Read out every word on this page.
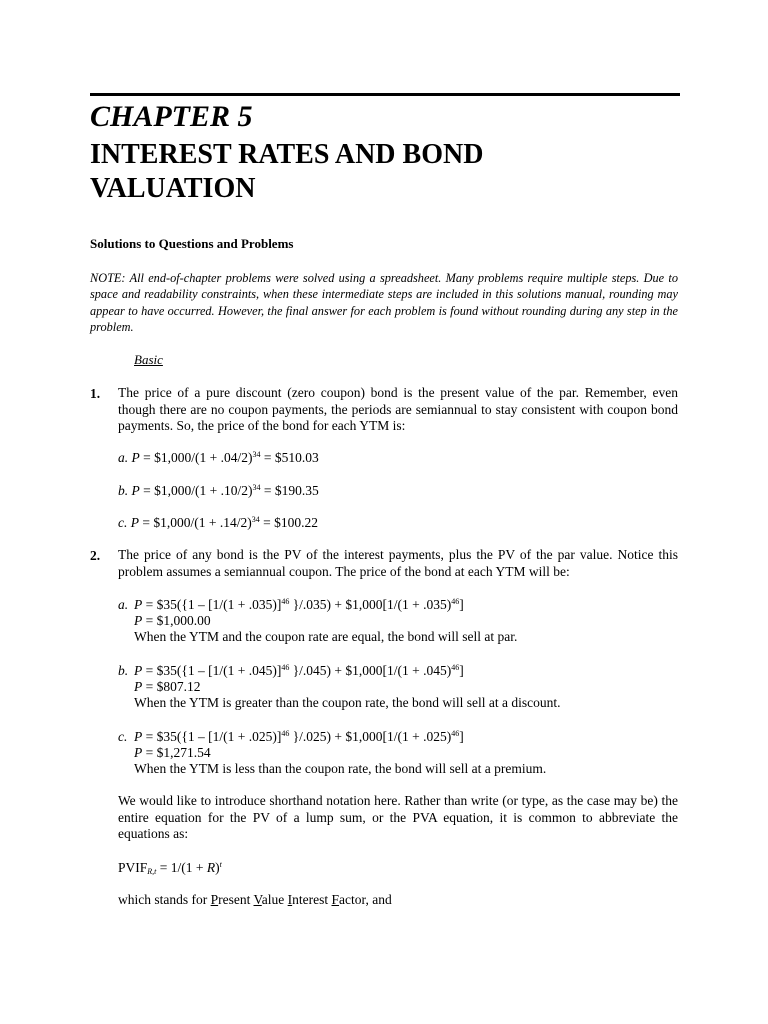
CHAPTER 5
INTEREST RATES AND BOND
VALUATION
Solutions to Questions and Problems
NOTE: All end-of-chapter problems were solved using a spreadsheet. Many problems require multiple steps. Due to space and readability constraints, when these intermediate steps are included in this solutions manual, rounding may appear to have occurred. However, the final answer for each problem is found without rounding during any step in the problem.
Basic
1. The price of a pure discount (zero coupon) bond is the present value of the par. Remember, even though there are no coupon payments, the periods are semiannual to stay consistent with coupon bond payments. So, the price of the bond for each YTM is:
a. P = $1,000/(1 + .04/2)$^{34}$ = $510.03
b. P = $1,000/(1 + .10/2)$^{34}$ = $190.35
c. P = $1,000/(1 + .14/2)$^{34}$ = $100.22
2. The price of any bond is the PV of the interest payments, plus the PV of the par value. Notice this problem assumes a semiannual coupon. The price of the bond at each YTM will be:
a. P = $35({1 – $[1/(1 + .035)]^{46}$ }/.035) + $1,000[1/(1 + .035)$^{46}$]
P = $1,000.00
When the YTM and the coupon rate are equal, the bond will sell at par.
b. P = $35({1 – $[1/(1 + .045)]^{46}$ }/.045) + $1,000[1/(1 + .045)$^{46}$]
P = $807.12
When the YTM is greater than the coupon rate, the bond will sell at a discount.
c. P = $35({1 – $[1/(1 + .025)]^{46}$ }/.025) + $1,000[1/(1 + .025)$^{46}$]
P = $1,271.54
When the YTM is less than the coupon rate, the bond will sell at a premium.
We would like to introduce shorthand notation here. Rather than write (or type, as the case may be) the entire equation for the PV of a lump sum, or the PVA equation, it is common to abbreviate the equations as:
$PVIF_{R,t} = 1/(1 + R)^t$
which stands for Present Value Interest Factor, and
